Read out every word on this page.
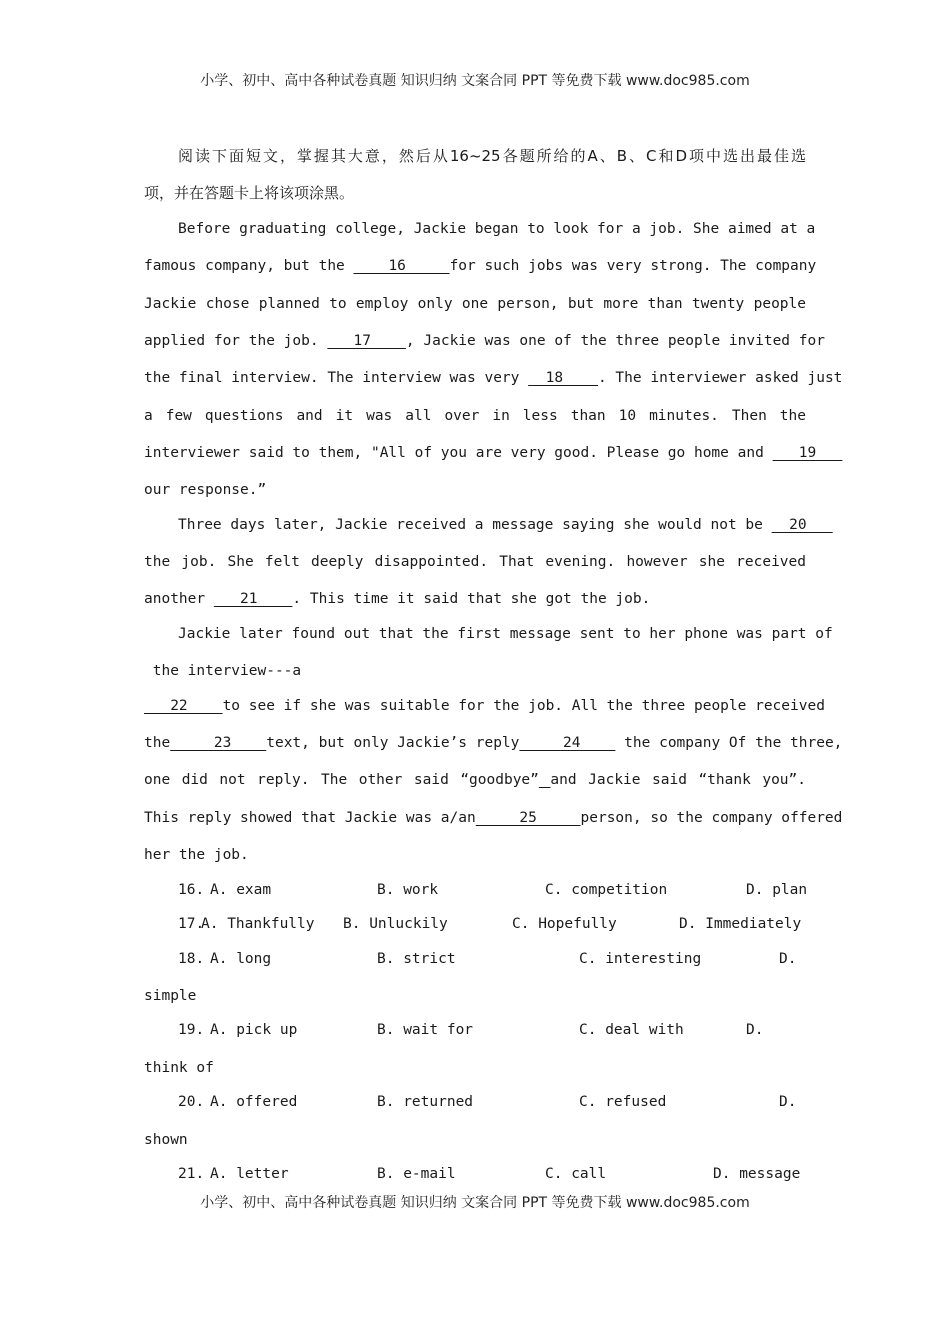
小学、初中、高中各种试卷真题 知识归纳 文案合同 PPT 等免费下载 www.doc985.com
阅读下面短文，掌握其大意，然后从16~25各题所给的A、B、C和D项中选出最佳选
项，并在答题卡上将该项涂黑。
Before graduating college, Jackie began to look for a job. She aimed at a
famous company, but the     16     for such jobs was very strong. The company
Jackie chose planned to employ only one person, but more than twenty people
applied for the job.    17    , Jackie was one of the three people invited for
the final interview. The interview was very   18    . The interviewer asked just
a few questions and it was all over in less than 10 minutes. Then the
interviewer said to them, "All of you are very good. Please go home and    19
our response.”
Three days later, Jackie received a message saying she would not be   20
the job. She felt deeply disappointed. That evening. however she received
another    21    . This time it said that she got the job.
Jackie later found out that the first message sent to her phone was part of
the interview---a
22    to see if she was suitable for the job. All the three people received
the     23    text, but only Jackie’s reply     24     the company Of the three,
one did not reply. The other said “goodbye” and Jackie said “thank you”.
This reply showed that Jackie was a/an     25     person, so the company offered
her the job.

16.

A. exam

	B. work

	C. competition

	D. plan

17.

A. Thankfully

B. Unluckily

	C. Hopefully

	D. Immediately

18.

A. long

	B. strict

	C. interesting

	D.

simple

19.

A. pick up

	B. wait for

	C. deal with

	D.

think of

20.

A. offered

	B. returned

	C. refused

	D.

shown

21.

A. letter

	B. e-mail

	C. call

	D. message

小学、初中、高中各种试卷真题 知识归纳 文案合同 PPT 等免费下载 www.doc985.com
